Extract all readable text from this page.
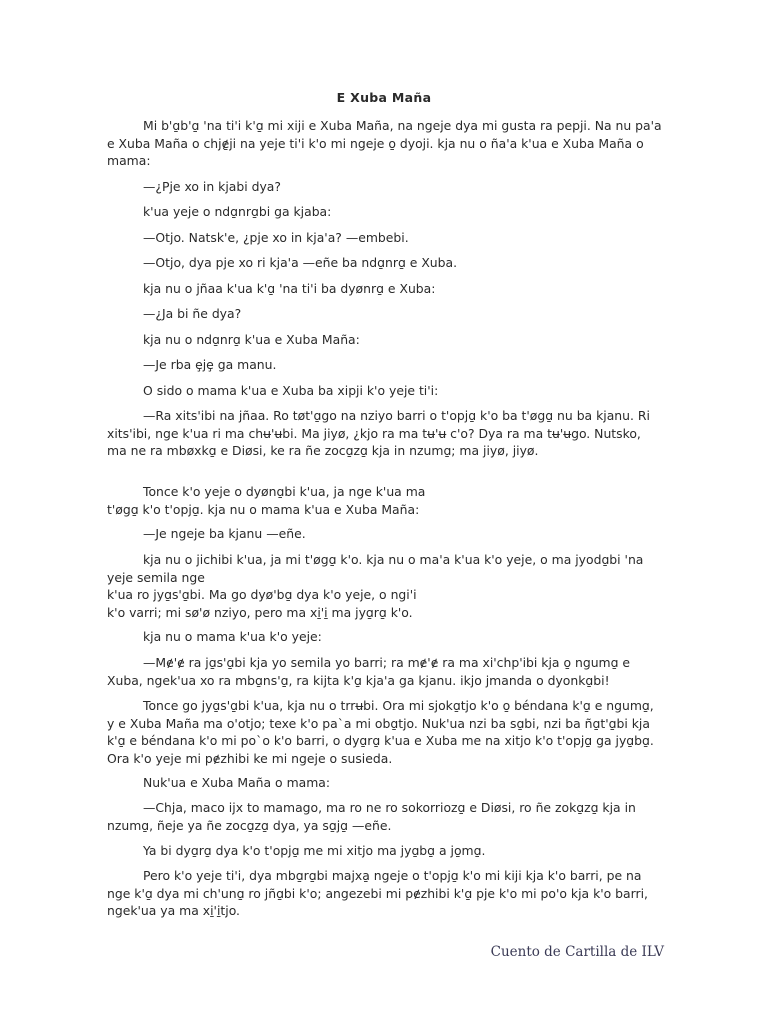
E Xuba Maña

Mi b'ɑ̱b'ɑ̱ 'na ti'i k'ɑ̱ mi xiji e Xuba Maña, na ngeje dya mi gusta ra pepji. Na nu pa'a e Xuba Maña o chjɇ̱ji na yeje ti'i k'o mi ngeje o̱ dyoji. kja nu o ña'a k'ua e Xuba Maña o mama:

—¿Pje xo in kjabi dya?

k'ua yeje o ndɑ̱nrɑ̱bi ga kjaba:

—Otjo. Natsk'e, ¿pje xo in kja'a? —embebi.

—Otjo, dya pje xo ri kja'a —eñe ba ndɑ̱nrɑ̱ e Xuba.

kja nu o jñaa k'ua k'ɑ̱ 'na ti'i ba dyønrɑ̱ e Xuba:

—¿Ja bi ñe dya?

kja nu o ndɑ̱nrɑ̱ k'ua e Xuba Maña:

—Je rba ȩjȩ ga manu.

O sido o mama k'ua e Xuba ba xipji k'o yeje ti'i:

—Ra xits'ibi na jñaa. Ro tøt'ɑ̱go na nziyo barri o t'opjɑ̱ k'o ba t'øgɑ̱ nu ba kjanu. Ri xits'ibi, nge k'ua ri ma chʉ'ʉbi. Ma jiyø, ¿kjo ra ma tʉ'ʉ c'o? Dya ra ma tʉ'ʉgo. Nutsko, ma ne ra mbøxkɑ̱ e Diøsi, ke ra ñe zocɑ̱zɑ̱ kja in nzumɑ̱; ma jiyø, jiyø.

Tonce k'o yeje o dyønɑ̱bi k'ua, ja nge k'ua ma
t'øgɑ̱ k'o t'opjɑ̱. kja nu o mama k'ua e Xuba Maña:

—Je ngeje ba kjanu —eñe.

kja nu o jichibi k'ua, ja mi t'øgɑ̱ k'o. kja nu o ma'a k'ua k'o yeje, o ma jyodɑ̱bi 'na
yeje semila nge
k'ua ro jyɑ̱s'ɑ̱bi. Ma go dyø'bɑ̱ dya k'o yeje, o ngi'i
k'o varri; mi sø'ø nziyo, pero ma xi̱'i̱ ma jyɑ̱rɑ̱ k'o.

kja nu o mama k'ua k'o yeje:

—Mɇ'ɇ ra jɑ̱s'ɑ̱bi kja yo semila yo barri; ra mɇ'ɇ ra ma xi'chp'ibi kja o̱ ngumɑ̱ e Xuba, ngek'ua xo ra mbɑ̱ns'ɑ̱, ra kijta k'ɑ̱ kja'a ga kjanu. ikjo jmanda o dyonkɑ̱bi!

Tonce go jyɑ̱s'ɑ̱bi k'ua, kja nu o trrʉbi. Ora mi sjokɑ̱tjo k'o o̱ béndana k'ɑ̱ e ngumɑ̱, y e Xuba Maña ma o'otjo; texe k'o pa`a mi obɑ̱tjo. Nuk'ua nzi ba sɑ̱bi, nzi ba ñɑ̱t'ɑ̱bi kja k'ɑ̱ e béndana k'o mi po`o k'o barri, o dyɑ̱rɑ̱ k'ua e Xuba me na xitjo k'o t'opjɑ̱ ga jyɑ̱bɑ̱. Ora k'o yeje mi pɇzhibi ke mi ngeje o susieda.

Nuk'ua e Xuba Maña o mama:

—Chja, maco ijx to mamago, ma ro ne ro sokorriozɑ̱ e Diøsi, ro ñe zokɑ̱zɑ̱ kja in nzumɑ̱, ñeje ya ñe zocɑ̱zɑ̱ dya, ya sɑ̱jɑ̱ —eñe.

Ya bi dyɑ̱rɑ̱ dya k'o t'opjɑ̱ me mi xitjo ma jyɑ̱bɑ̱ a jo̱mɑ̱.

Pero k'o yeje ti'i, dya mbɑ̱rɑ̱bi majxa̱ ngeje o t'opjɑ̱ k'o mi kiji kja k'o barri, pe na nge k'ɑ̱ dya mi ch'unɑ̱ ro jñɑ̱bi k'o; angezebi mi pɇzhibi k'ɑ̱ pje k'o mi po'o kja k'o barri, ngek'ua ya ma xi̱'i̱tjo.

Cuento de Cartilla de ILV
